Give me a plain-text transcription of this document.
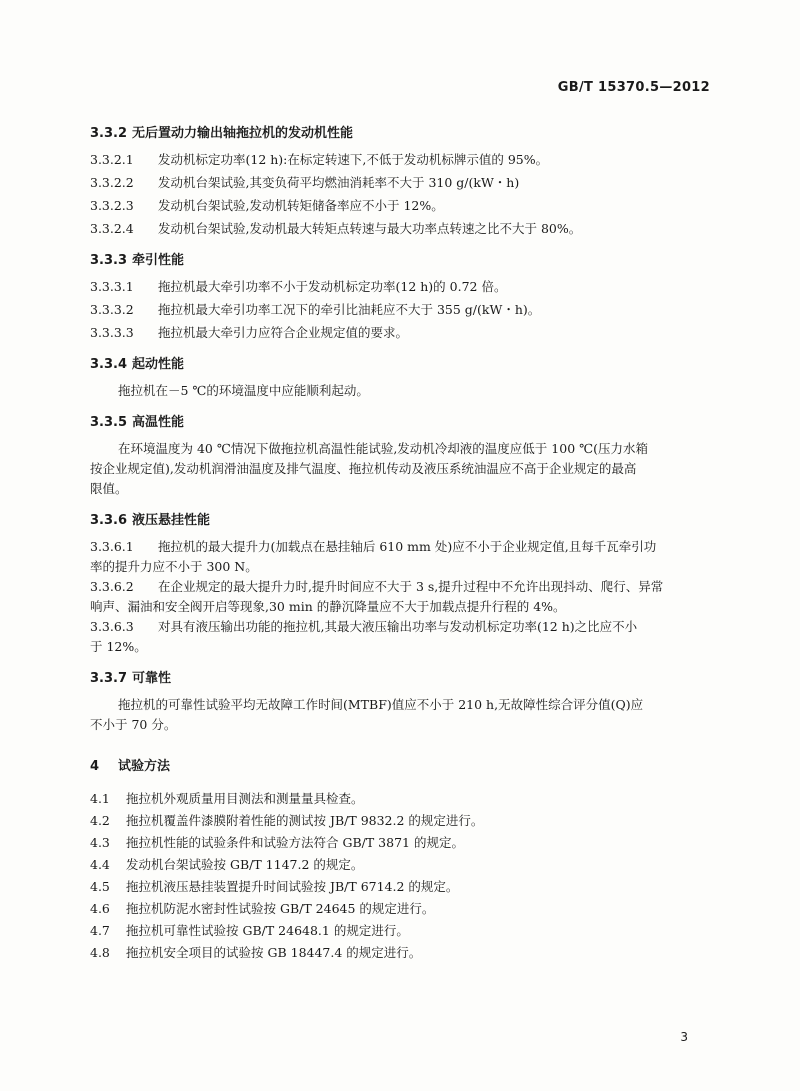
GB/T 15370.5—2012

3.3.2 无后置动力输出轴拖拉机的发动机性能

3.3.2.1 发动机标定功率(12 h):在标定转速下,不低于发动机标牌示值的 95%。

3.3.2.2 发动机台架试验,其变负荷平均燃油消耗率不大于 310 g/(kW・h)

3.3.2.3 发动机台架试验,发动机转矩储备率应不小于 12%。

3.3.2.4 发动机台架试验,发动机最大转矩点转速与最大功率点转速之比不大于 80%。

3.3.3 牵引性能

3.3.3.1 拖拉机最大牵引功率不小于发动机标定功率(12 h)的 0.72 倍。

3.3.3.2 拖拉机最大牵引功率工况下的牵引比油耗应不大于 355 g/(kW・h)。

3.3.3.3 拖拉机最大牵引力应符合企业规定值的要求。

3.3.4 起动性能

拖拉机在－5 ℃的环境温度中应能顺利起动。

3.3.5 高温性能

在环境温度为 40 ℃情况下做拖拉机高温性能试验,发动机冷却液的温度应低于 100 ℃(压力水箱

按企业规定值),发动机润滑油温度及排气温度、拖拉机传动及液压系统油温应不高于企业规定的最高

限值。

3.3.6 液压悬挂性能

3.3.6.1 拖拉机的最大提升力(加载点在悬挂轴后 610 mm 处)应不小于企业规定值,且每千瓦牵引功

率的提升力应不小于 300 N。

3.3.6.2 在企业规定的最大提升力时,提升时间应不大于 3 s,提升过程中不允许出现抖动、爬行、异常

响声、漏油和安全阀开启等现象,30 min 的静沉降量应不大于加载点提升行程的 4%。

3.3.6.3 对具有液压输出功能的拖拉机,其最大液压输出功率与发动机标定功率(12 h)之比应不小

于 12%。

3.3.7 可靠性

拖拉机的可靠性试验平均无故障工作时间(MTBF)值应不小于 210 h,无故障性综合评分值(Q)应

不小于 70 分。

4 试验方法

4.1 拖拉机外观质量用目测法和测量量具检查。

4.2 拖拉机覆盖件漆膜附着性能的测试按 JB/T 9832.2 的规定进行。

4.3 拖拉机性能的试验条件和试验方法符合 GB/T 3871 的规定。

4.4 发动机台架试验按 GB/T 1147.2 的规定。

4.5 拖拉机液压悬挂装置提升时间试验按 JB/T 6714.2 的规定。

4.6 拖拉机防泥水密封性试验按 GB/T 24645 的规定进行。

4.7 拖拉机可靠性试验按 GB/T 24648.1 的规定进行。

4.8 拖拉机安全项目的试验按 GB 18447.4 的规定进行。

3
